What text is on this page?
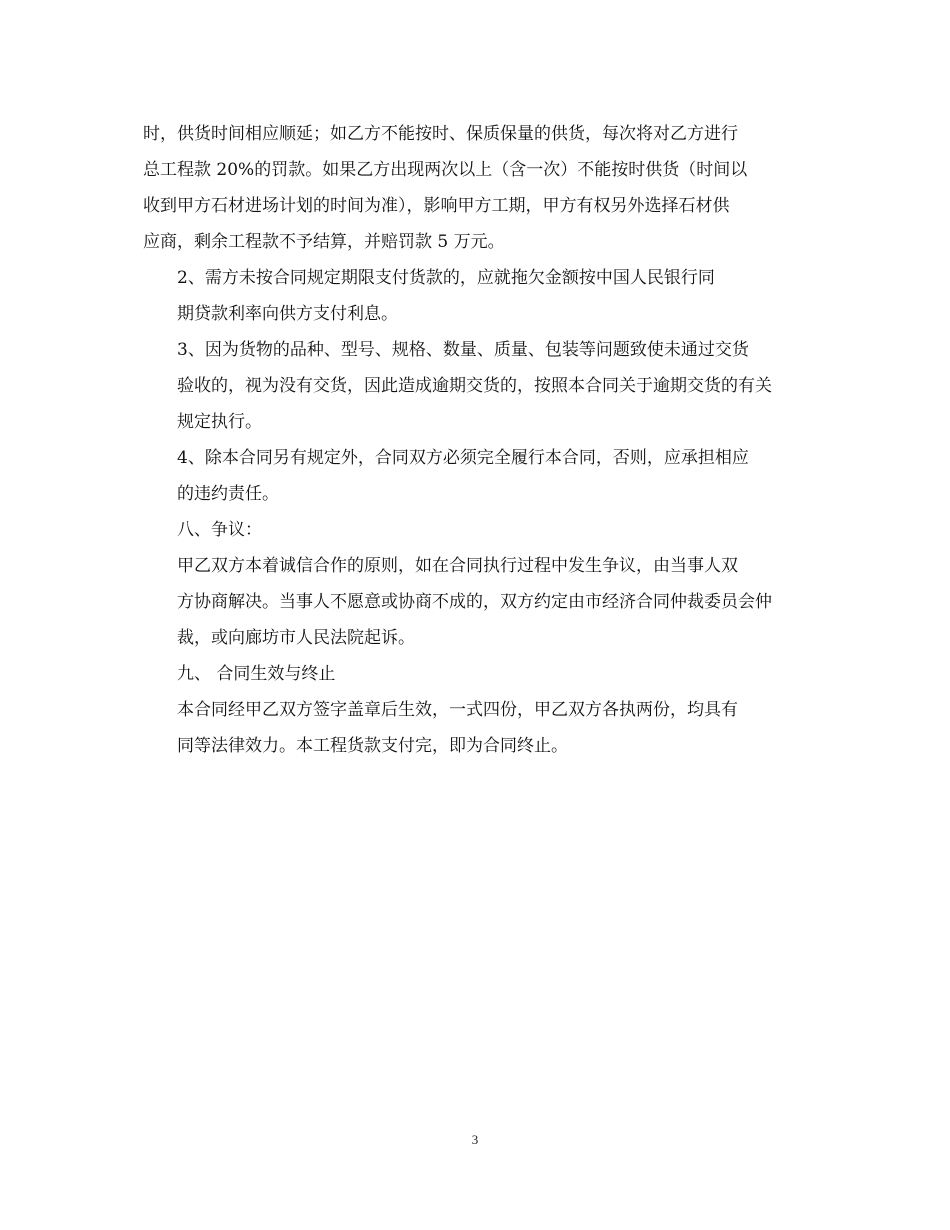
时，供货时间相应顺延；如乙方不能按时、保质保量的供货，每次将对乙方进行
总工程款 20%的罚款。如果乙方出现两次以上（含一次）不能按时供货（时间以
收到甲方石材进场计划的时间为准），影响甲方工期，甲方有权另外选择石材供
应商，剩余工程款不予结算，并赔罚款 5 万元。

2、需方未按合同规定期限支付货款的，应就拖欠金额按中国人民银行同

期贷款利率向供方支付利息。

3、因为货物的品种、型号、规格、数量、质量、包装等问题致使未通过交货
验收的，视为没有交货，因此造成逾期交货的，按照本合同关于逾期交货的有关
规定执行。

4、除本合同另有规定外，合同双方必须完全履行本合同，否则，应承担相应
的违约责任。

八、争议：

甲乙双方本着诚信合作的原则，如在合同执行过程中发生争议，由当事人双
方协商解决。当事人不愿意或协商不成的，双方约定由市经济合同仲裁委员会仲
裁，或向廊坊市人民法院起诉。

九、 合同生效与终止

本合同经甲乙双方签字盖章后生效，一式四份，甲乙双方各执两份，均具有
同等法律效力。本工程货款支付完，即为合同终止。

3
